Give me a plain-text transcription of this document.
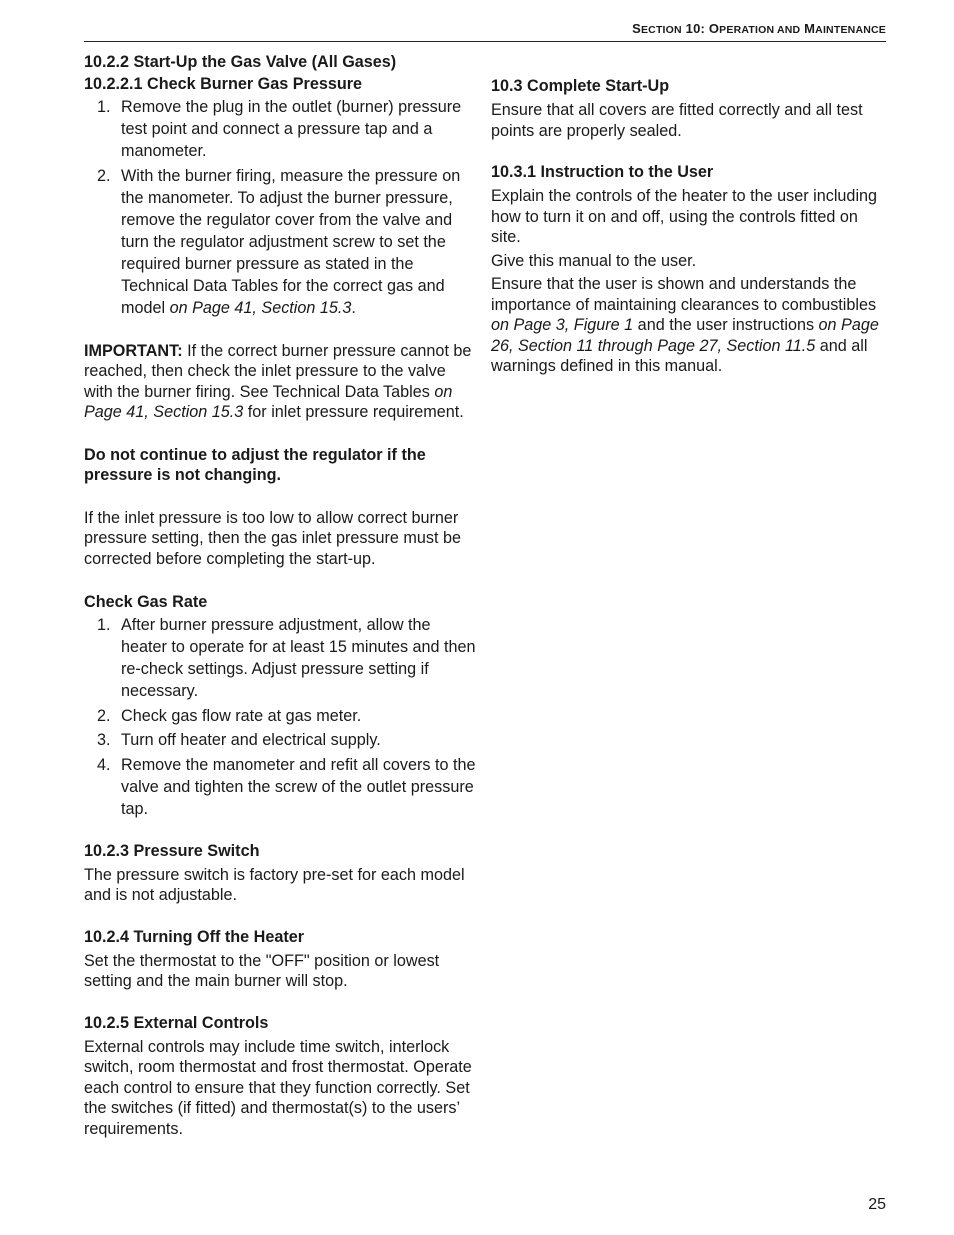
SECTION 10: OPERATION AND MAINTENANCE
10.2.2 Start-Up the Gas Valve (All Gases)
10.2.2.1 Check Burner Gas Pressure
1. Remove the plug in the outlet (burner) pressure test point and connect a pressure tap and a manometer.
2. With the burner firing, measure the pressure on the manometer. To adjust the burner pressure, remove the regulator cover from the valve and turn the regulator adjustment screw to set the required burner pressure as stated in the Technical Data Tables for the correct gas and model on Page 41, Section 15.3.

IMPORTANT: If the correct burner pressure cannot be reached, then check the inlet pressure to the valve with the burner firing. See Technical Data Tables on Page 41, Section 15.3 for inlet pressure requirement.

Do not continue to adjust the regulator if the pressure is not changing.

If the inlet pressure is too low to allow correct burner pressure setting, then the gas inlet pressure must be corrected before completing the start-up.

Check Gas Rate
1. After burner pressure adjustment, allow the heater to operate for at least 15 minutes and then re-check settings. Adjust pressure setting if necessary.
2. Check gas flow rate at gas meter.
3. Turn off heater and electrical supply.
4. Remove the manometer and refit all covers to the valve and tighten the screw of the outlet pressure tap.
10.2.3 Pressure Switch

The pressure switch is factory pre-set for each model and is not adjustable.

10.2.4 Turning Off the Heater

Set the thermostat to the "OFF" position or lowest setting and the main burner will stop.

10.2.5 External Controls

External controls may include time switch, interlock switch, room thermostat and frost thermostat. Operate each control to ensure that they function correctly. Set the switches (if fitted) and thermostat(s) to the users’ requirements.

10.3 Complete Start-Up

Ensure that all covers are fitted correctly and all test points are properly sealed.

10.3.1 Instruction to the User

Explain the controls of the heater to the user including how to turn it on and off, using the controls fitted on site.

Give this manual to the user.

Ensure that the user is shown and understands the importance of maintaining clearances to combustibles on Page 3, Figure 1 and the user instructions on Page 26, Section 11 through Page 27, Section 11.5 and all warnings defined in this manual.

25
